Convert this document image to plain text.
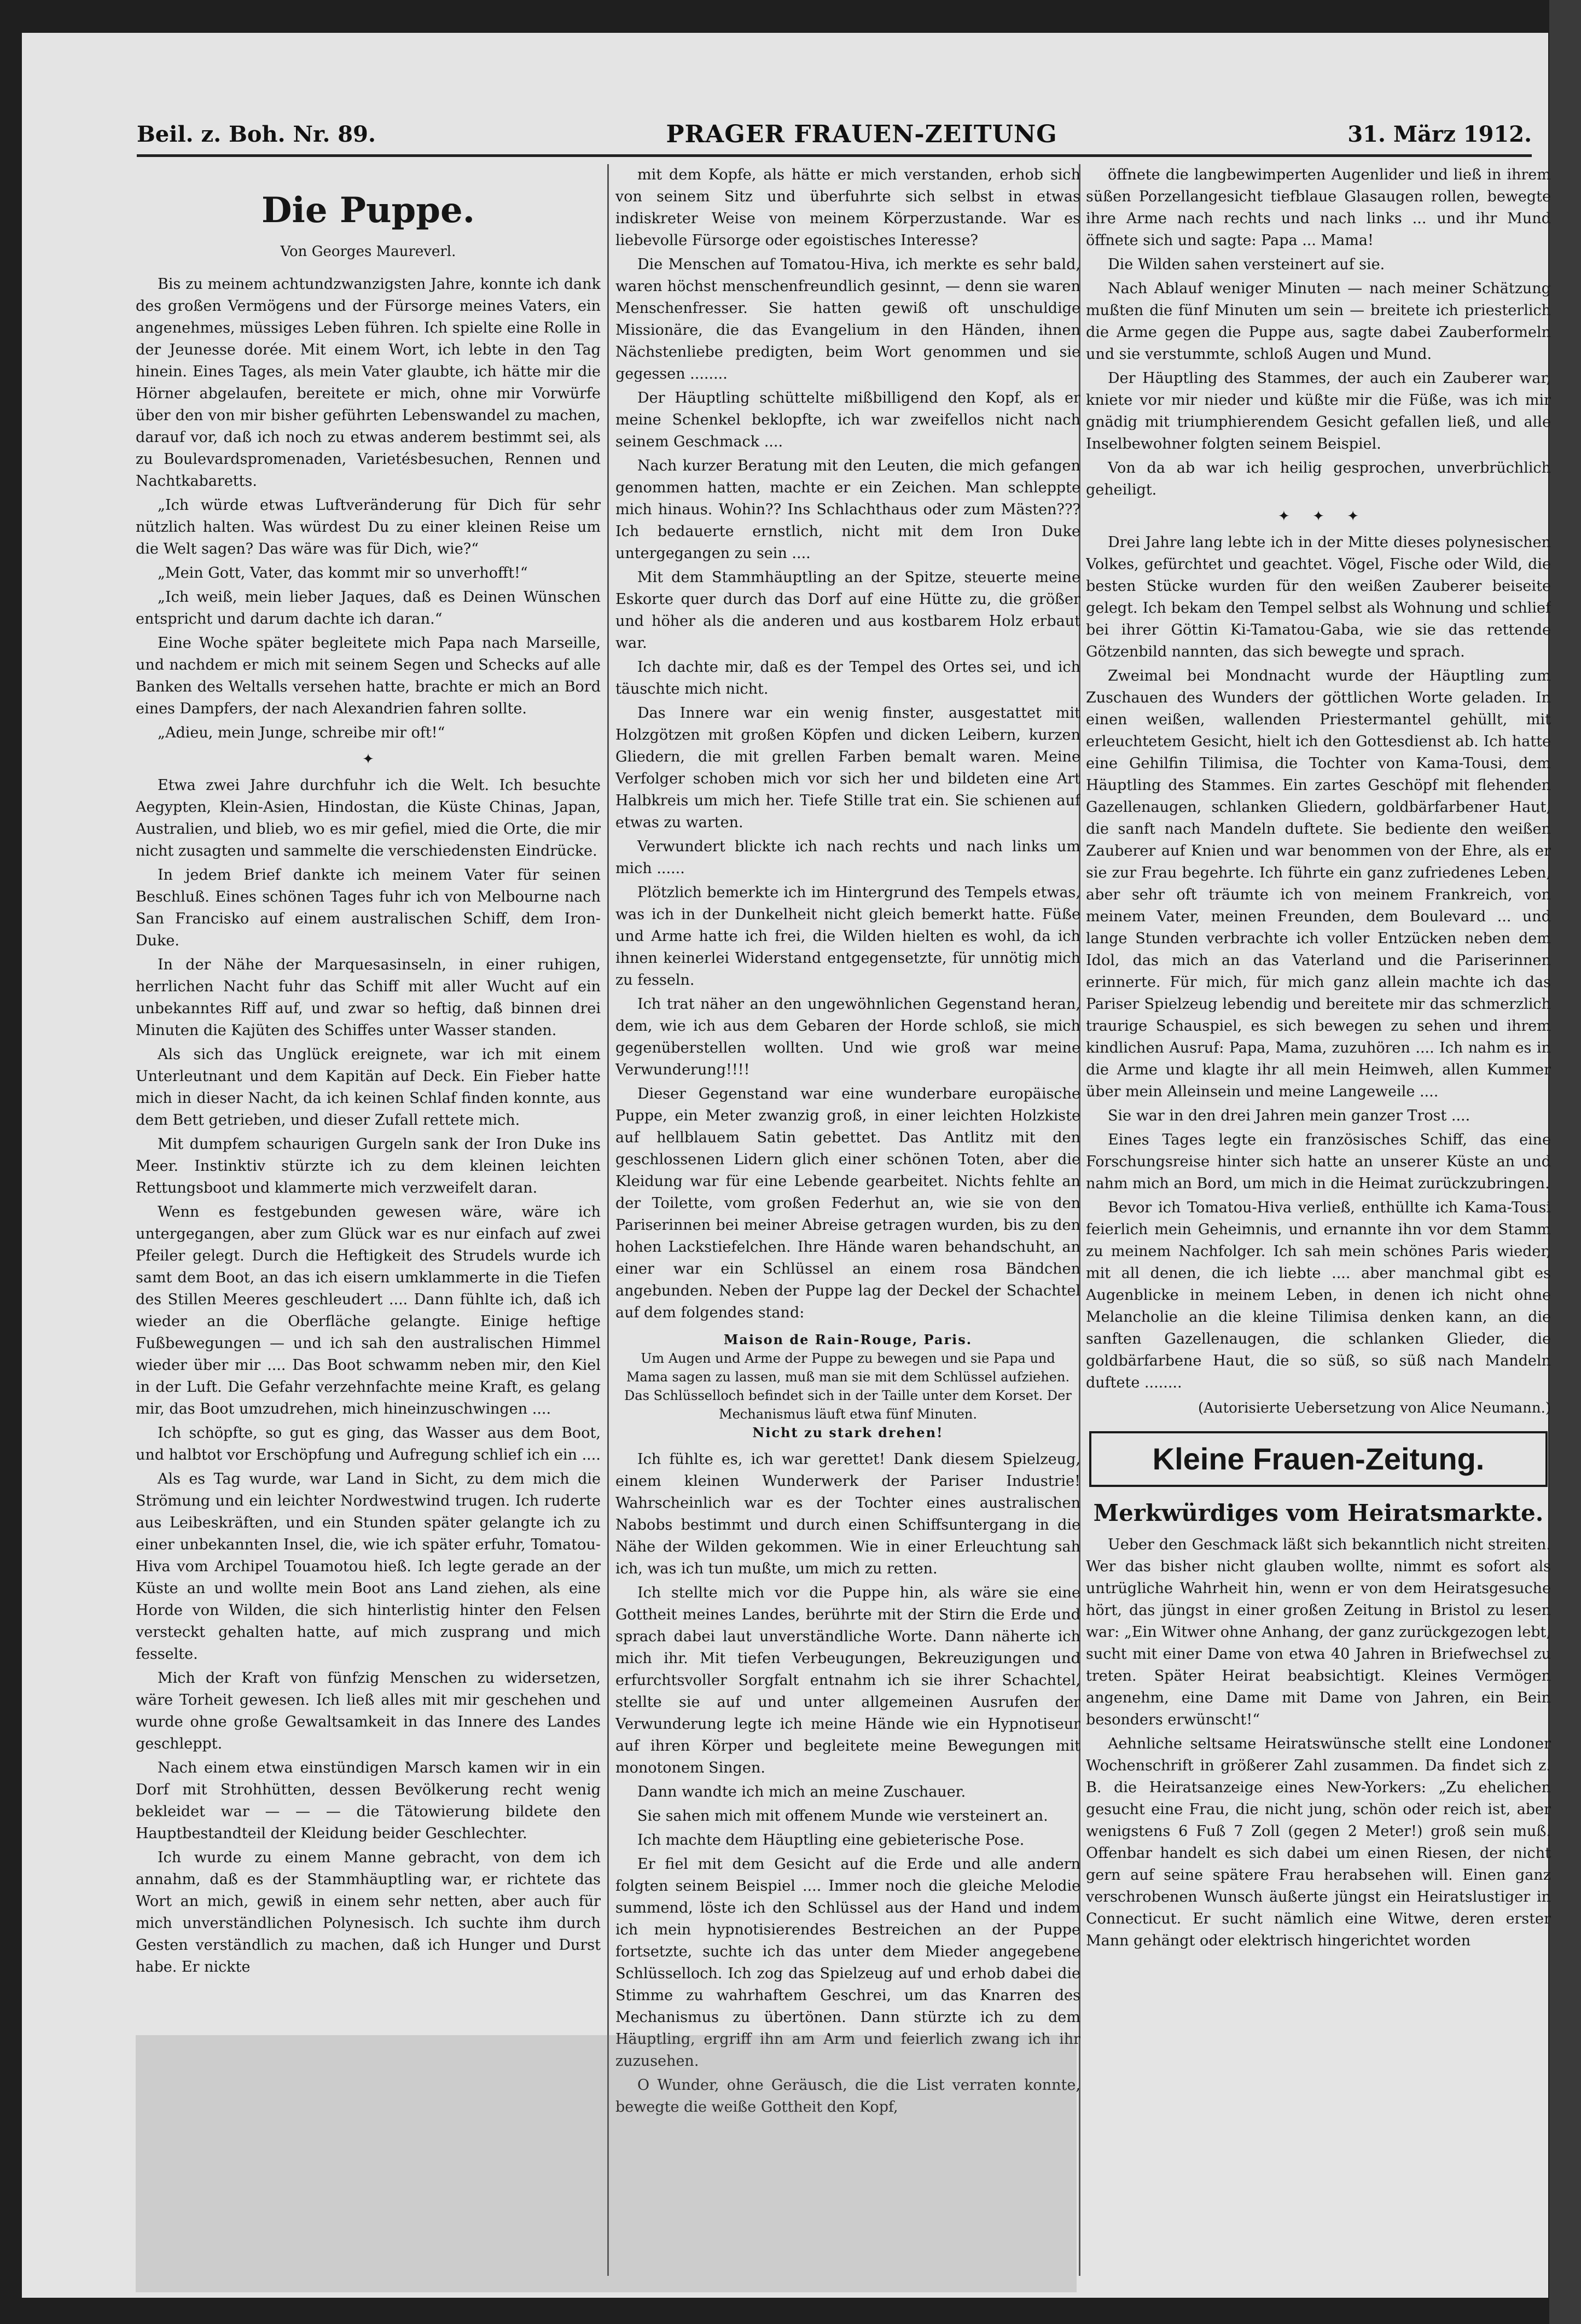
Beil. z. Boh. Nr. 89.	PRAGER FRAUEN-ZEITUNG	31. März 1912.
Die Puppe.
Von Georges Maureverl.

Bis zu meinem achtundzwanzigsten Jahre, konnte ich dank des großen Vermögens und der Fürsorge meines Vaters, ein angenehmes, müssiges Leben führen. Ich spielte eine Rolle in der Jeunesse dorée. Mit einem Wort, ich lebte in den Tag hinein. Eines Tages, als mein Vater glaubte, ich hätte mir die Hörner abgelaufen, bereitete er mich, ohne mir Vorwürfe über den von mir bisher geführten Lebenswandel zu machen, darauf vor, daß ich noch zu etwas anderem bestimmt sei, als zu Boulevardspromenaden, Varietésbesuchen, Rennen und Nachtkabaretts.

„Ich würde etwas Luftveränderung für Dich für sehr nützlich halten. Was würdest Du zu einer kleinen Reise um die Welt sagen? Das wäre was für Dich, wie?“

„Mein Gott, Vater, das kommt mir so unverhofft!“

„Ich weiß, mein lieber Jaques, daß es Deinen Wünschen entspricht und darum dachte ich daran.“

Eine Woche später begleitete mich Papa nach Marseille, und nachdem er mich mit seinem Segen und Schecks auf alle Banken des Weltalls versehen hatte, brachte er mich an Bord eines Dampfers, der nach Alexandrien fahren sollte.

„Adieu, mein Junge, schreibe mir oft!“

✦

Etwa zwei Jahre durchfuhr ich die Welt. Ich besuchte Aegypten, Klein-Asien, Hindostan, die Küste Chinas, Japan, Australien, und blieb, wo es mir gefiel, mied die Orte, die mir nicht zusagten und sammelte die verschiedensten Eindrücke.

In jedem Brief dankte ich meinem Vater für seinen Beschluß. Eines schönen Tages fuhr ich von Melbourne nach San Francisko auf einem australischen Schiff, dem Iron-Duke.

In der Nähe der Marquesasinseln, in einer ruhigen, herrlichen Nacht fuhr das Schiff mit aller Wucht auf ein unbekanntes Riff auf, und zwar so heftig, daß binnen drei Minuten die Kajüten des Schiffes unter Wasser standen.

Als sich das Unglück ereignete, war ich mit einem Unterleutnant und dem Kapitän auf Deck. Ein Fieber hatte mich in dieser Nacht, da ich keinen Schlaf finden konnte, aus dem Bett getrieben, und dieser Zufall rettete mich.

Mit dumpfem schaurigen Gurgeln sank der Iron Duke ins Meer. Instinktiv stürzte ich zu dem kleinen leichten Rettungsboot und klammerte mich verzweifelt daran.

Wenn es festgebunden gewesen wäre, wäre ich untergegangen, aber zum Glück war es nur einfach auf zwei Pfeiler gelegt. Durch die Heftigkeit des Strudels wurde ich samt dem Boot, an das ich eisern umklammerte in die Tiefen des Stillen Meeres geschleudert .... Dann fühlte ich, daß ich wieder an die Oberfläche gelangte. Einige heftige Fußbewegungen — und ich sah den australischen Himmel wieder über mir .... Das Boot schwamm neben mir, den Kiel in der Luft. Die Gefahr verzehnfachte meine Kraft, es gelang mir, das Boot umzudrehen, mich hineinzuschwingen ....

Ich schöpfte, so gut es ging, das Wasser aus dem Boot, und halbtot vor Erschöpfung und Aufregung schlief ich ein ....

Als es Tag wurde, war Land in Sicht, zu dem mich die Strömung und ein leichter Nordwestwind trugen. Ich ruderte aus Leibeskräften, und ein Stunden später gelangte ich zu einer unbekannten Insel, die, wie ich später erfuhr, Tomatou-Hiva vom Archipel Touamotou hieß. Ich legte gerade an der Küste an und wollte mein Boot ans Land ziehen, als eine Horde von Wilden, die sich hinterlistig hinter den Felsen versteckt gehalten hatte, auf mich zusprang und mich fesselte.

Mich der Kraft von fünfzig Menschen zu widersetzen, wäre Torheit gewesen. Ich ließ alles mit mir geschehen und wurde ohne große Gewaltsamkeit in das Innere des Landes geschleppt.

Nach einem etwa einstündigen Marsch kamen wir in ein Dorf mit Strohhütten, dessen Bevölkerung recht wenig bekleidet war — — — die Tätowierung bildete den Hauptbestandteil der Kleidung beider Geschlechter.

Ich wurde zu einem Manne gebracht, von dem ich annahm, daß es der Stammhäuptling war, er richtete das Wort an mich, gewiß in einem sehr netten, aber auch für mich unverständlichen Polynesisch. Ich suchte ihm durch Gesten verständlich zu machen, daß ich Hunger und Durst habe. Er nickte

mit dem Kopfe, als hätte er mich verstanden, erhob sich von seinem Sitz und überfuhrte sich selbst in etwas indiskreter Weise von meinem Körperzustande. War es liebevolle Fürsorge oder egoistisches Interesse?

Die Menschen auf Tomatou-Hiva, ich merkte es sehr bald, waren höchst menschenfreundlich gesinnt, — denn sie waren Menschenfresser. Sie hatten gewiß oft unschuldige Missionäre, die das Evangelium in den Händen, ihnen Nächstenliebe predigten, beim Wort genommen und sie gegessen ........

Der Häuptling schüttelte mißbilligend den Kopf, als er meine Schenkel beklopfte, ich war zweifellos nicht nach seinem Geschmack ....

Nach kurzer Beratung mit den Leuten, die mich gefangen genommen hatten, machte er ein Zeichen. Man schleppte mich hinaus. Wohin?? Ins Schlachthaus oder zum Mästen??? Ich bedauerte ernstlich, nicht mit dem Iron Duke untergegangen zu sein ....

Mit dem Stammhäuptling an der Spitze, steuerte meine Eskorte quer durch das Dorf auf eine Hütte zu, die größer und höher als die anderen und aus kostbarem Holz erbaut war.

Ich dachte mir, daß es der Tempel des Ortes sei, und ich täuschte mich nicht.

Das Innere war ein wenig finster, ausgestattet mit Holzgötzen mit großen Köpfen und dicken Leibern, kurzen Gliedern, die mit grellen Farben bemalt waren. Meine Verfolger schoben mich vor sich her und bildeten eine Art Halbkreis um mich her. Tiefe Stille trat ein. Sie schienen auf etwas zu warten.

Verwundert blickte ich nach rechts und nach links um mich ......

Plötzlich bemerkte ich im Hintergrund des Tempels etwas, was ich in der Dunkelheit nicht gleich bemerkt hatte. Füße und Arme hatte ich frei, die Wilden hielten es wohl, da ich ihnen keinerlei Widerstand entgegensetzte, für unnötig mich zu fesseln.

Ich trat näher an den ungewöhnlichen Gegenstand heran, dem, wie ich aus dem Gebaren der Horde schloß, sie mich gegenüberstellen wollten. Und wie groß war meine Verwunderung!!!!

Dieser Gegenstand war eine wunderbare europäische Puppe, ein Meter zwanzig groß, in einer leichten Holzkiste auf hellblauem Satin gebettet. Das Antlitz mit den geschlossenen Lidern glich einer schönen Toten, aber die Kleidung war für eine Lebende gearbeitet. Nichts fehlte an der Toilette, vom großen Federhut an, wie sie von den Pariserinnen bei meiner Abreise getragen wurden, bis zu den hohen Lackstiefelchen. Ihre Hände waren behandschuht, an einer war ein Schlüssel an einem rosa Bändchen angebunden. Neben der Puppe lag der Deckel der Schachtel auf dem folgendes stand:

Maison de Rain-Rouge, Paris.
Um Augen und Arme der Puppe zu bewegen und sie Papa und Mama sagen zu lassen, muß man sie mit dem Schlüssel aufziehen. Das Schlüsselloch befindet sich in der Taille unter dem Korset. Der Mechanismus läuft etwa fünf Minuten.
Nicht zu stark drehen!

Ich fühlte es, ich war gerettet! Dank diesem Spielzeug, einem kleinen Wunderwerk der Pariser Industrie! Wahrscheinlich war es der Tochter eines australischen Nabobs bestimmt und durch einen Schiffsuntergang in die Nähe der Wilden gekommen. Wie in einer Erleuchtung sah ich, was ich tun mußte, um mich zu retten.

Ich stellte mich vor die Puppe hin, als wäre sie eine Gottheit meines Landes, berührte mit der Stirn die Erde und sprach dabei laut unverständliche Worte. Dann näherte ich mich ihr. Mit tiefen Verbeugungen, Bekreuzigungen und erfurchtsvoller Sorgfalt entnahm ich sie ihrer Schachtel, stellte sie auf und unter allgemeinen Ausrufen der Verwunderung legte ich meine Hände wie ein Hypnotiseur auf ihren Körper und begleitete meine Bewegungen mit monotonem Singen.

Dann wandte ich mich an meine Zuschauer.

Sie sahen mich mit offenem Munde wie versteinert an.

Ich machte dem Häuptling eine gebieterische Pose.

Er fiel mit dem Gesicht auf die Erde und alle andern folgten seinem Beispiel .... Immer noch die gleiche Melodie summend, löste ich den Schlüssel aus der Hand und indem ich mein hypnotisierendes Bestreichen an der Puppe fortsetzte, suchte ich das unter dem Mieder angegebene Schlüsselloch. Ich zog das Spielzeug auf und erhob dabei die Stimme zu wahrhaftem Geschrei, um das Knarren des Mechanismus zu übertönen. Dann stürzte ich zu dem Häuptling, ergriff ihn am Arm und feierlich zwang ich ihr zuzusehen.

O Wunder, ohne Geräusch, die die List verraten konnte, bewegte die weiße Gottheit den Kopf,

öffnete die langbewimperten Augenlider und ließ in ihrem süßen Porzellangesicht tiefblaue Glasaugen rollen, bewegte ihre Arme nach rechts und nach links ... und ihr Mund öffnete sich und sagte: Papa ... Mama!

Die Wilden sahen versteinert auf sie.

Nach Ablauf weniger Minuten — nach meiner Schätzung mußten die fünf Minuten um sein — breitete ich priesterlich die Arme gegen die Puppe aus, sagte dabei Zauberformeln und sie verstummte, schloß Augen und Mund.

Der Häuptling des Stammes, der auch ein Zauberer war, kniete vor mir nieder und küßte mir die Füße, was ich mir gnädig mit triumphierendem Gesicht gefallen ließ, und alle Inselbewohner folgten seinem Beispiel.

Von da ab war ich heilig gesprochen, unverbrüchlich geheiligt.

✦     ✦     ✦

Drei Jahre lang lebte ich in der Mitte dieses polynesischen Volkes, gefürchtet und geachtet. Vögel, Fische oder Wild, die besten Stücke wurden für den weißen Zauberer beiseite gelegt. Ich bekam den Tempel selbst als Wohnung und schlief bei ihrer Göttin Ki-Tamatou-Gaba, wie sie das rettende Götzenbild nannten, das sich bewegte und sprach.

Zweimal bei Mondnacht wurde der Häuptling zum Zuschauen des Wunders der göttlichen Worte geladen. In einen weißen, wallenden Priestermantel gehüllt, mit erleuchtetem Gesicht, hielt ich den Gottesdienst ab. Ich hatte eine Gehilfin Tilimisa, die Tochter von Kama-Tousi, dem Häuptling des Stammes. Ein zartes Geschöpf mit flehenden Gazellenaugen, schlanken Gliedern, goldbärfarbener Haut, die sanft nach Mandeln duftete. Sie bediente den weißen Zauberer auf Knien und war benommen von der Ehre, als er sie zur Frau begehrte. Ich führte ein ganz zufriedenes Leben, aber sehr oft träumte ich von meinem Frankreich, von meinem Vater, meinen Freunden, dem Boulevard ... und lange Stunden verbrachte ich voller Entzücken neben dem Idol, das mich an das Vaterland und die Pariserinnen erinnerte. Für mich, für mich ganz allein machte ich das Pariser Spielzeug lebendig und bereitete mir das schmerzlich traurige Schauspiel, es sich bewegen zu sehen und ihrem kindlichen Ausruf: Papa, Mama, zuzuhören .... Ich nahm es in die Arme und klagte ihr all mein Heimweh, allen Kummer über mein Alleinsein und meine Langeweile ....

Sie war in den drei Jahren mein ganzer Trost ....

Eines Tages legte ein französisches Schiff, das eine Forschungsreise hinter sich hatte an unserer Küste an und nahm mich an Bord, um mich in die Heimat zurückzubringen.

Bevor ich Tomatou-Hiva verließ, enthüllte ich Kama-Tousi feierlich mein Geheimnis, und ernannte ihn vor dem Stamm zu meinem Nachfolger. Ich sah mein schönes Paris wieder, mit all denen, die ich liebte .... aber manchmal gibt es Augenblicke in meinem Leben, in denen ich nicht ohne Melancholie an die kleine Tilimisa denken kann, an die sanften Gazellenaugen, die schlanken Glieder, die goldbärfarbene Haut, die so süß, so süß nach Mandeln duftete ........

(Autorisierte Uebersetzung von Alice Neumann.)
Kleine Frauen-Zeitung.
Merkwürdiges vom Heiratsmarkte.

Ueber den Geschmack läßt sich bekanntlich nicht streiten. Wer das bisher nicht glauben wollte, nimmt es sofort als untrügliche Wahrheit hin, wenn er von dem Heiratsgesuche hört, das jüngst in einer großen Zeitung in Bristol zu lesen war: „Ein Witwer ohne Anhang, der ganz zurückgezogen lebt, sucht mit einer Dame von etwa 40 Jahren in Briefwechsel zu treten. Später Heirat beabsichtigt. Kleines Vermögen angenehm, eine Dame mit Dame von Jahren, ein Bein besonders erwünscht!“

Aehnliche seltsame Heiratswünsche stellt eine Londoner Wochenschrift in größerer Zahl zusammen. Da findet sich z. B. die Heiratsanzeige eines New-Yorkers: „Zu ehelichen gesucht eine Frau, die nicht jung, schön oder reich ist, aber wenigstens 6 Fuß 7 Zoll (gegen 2 Meter!) groß sein muß. Offenbar handelt es sich dabei um einen Riesen, der nicht gern auf seine spätere Frau herabsehen will. Einen ganz verschrobenen Wunsch äußerte jüngst ein Heiratslustiger in Connecticut. Er sucht nämlich eine Witwe, deren erster Mann gehängt oder elektrisch hingerichtet worden
